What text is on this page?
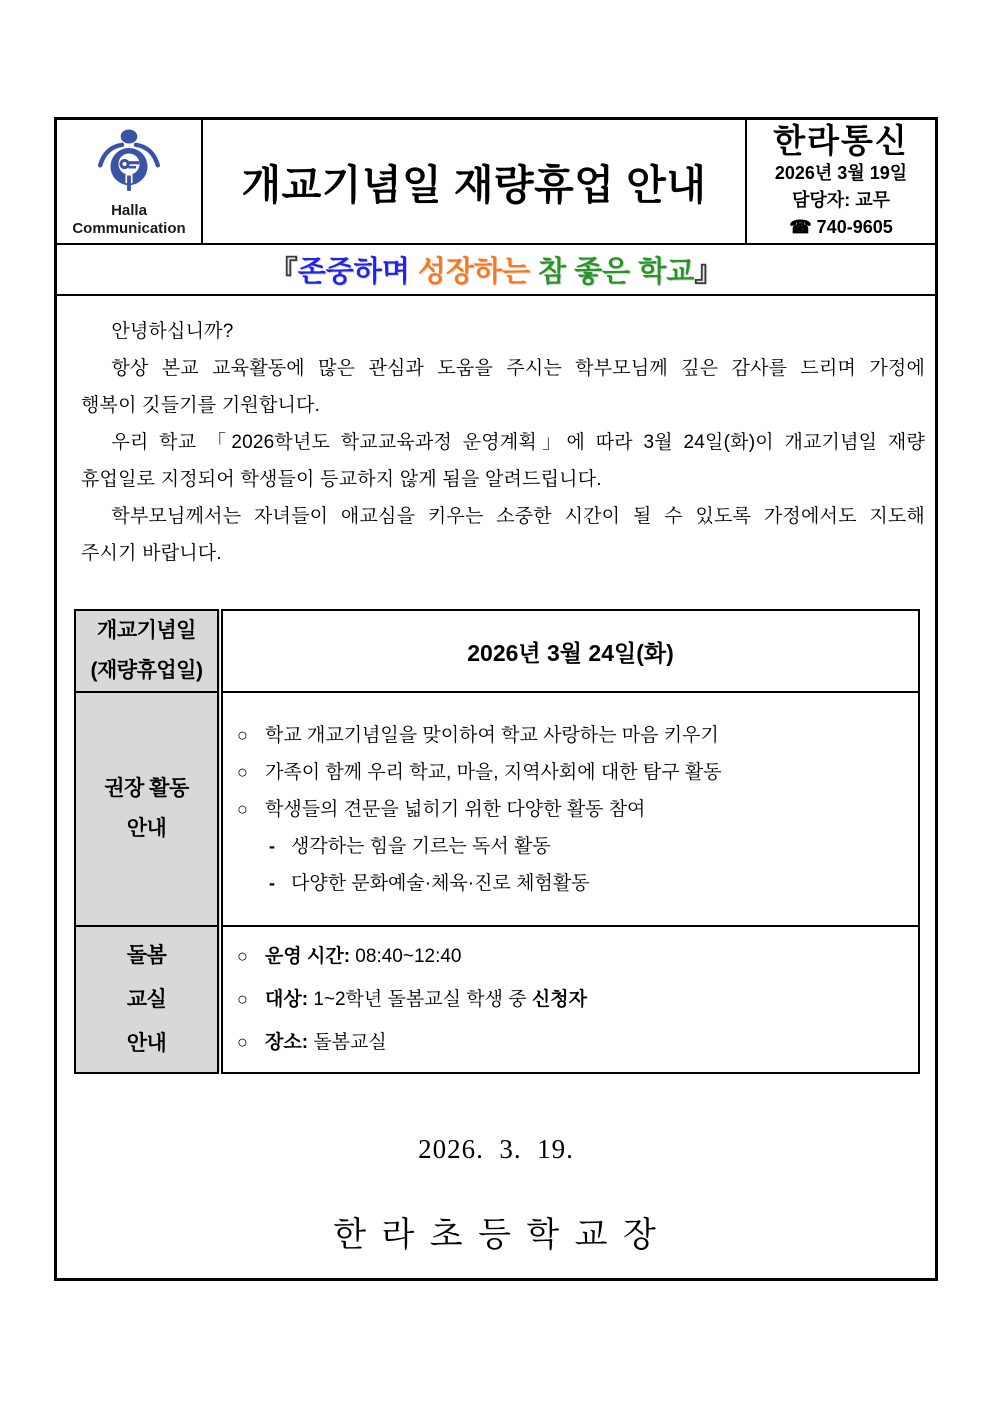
Halla
Communication
개교기념일 재량휴업 안내
한라통신
2026년 3월 19일
담당자: 교무
☎ 740-9605
『 존중하며
성장하는
참 좋은 학교 』
안녕하십니까?
항상 본교 교육활동에 많은 관심과 도움을 주시는 학부모님께 깊은 감사를 드리며 가정에
행복이 깃들기를 기원합니다.
우리 학교 「2026학년도 학교교육과정 운영계획」에 따라 3월 24일(화)이 개교기념일 재량
휴업일로 지정되어 학생들이 등교하지 않게 됨을 알려드립니다.
학부모님께서는 자녀들이 애교심을 키우는 소중한 시간이 될 수 있도록 가정에서도 지도해
주시기 바랍니다.
개교기념일
(재량휴업일)	2026년 3월 24일(화)

권장 활동
안내

○ 학교 개교기념일을 맞이하여 학교 사랑하는 마음 키우기
○ 가족이 함께 우리 학교, 마을, 지역사회에 대한 탐구 활동
○ 학생들의 견문을 넓히기 위한 다양한 활동 참여
- 생각하는 힘을 기르는 독서 활동
- 다양한 문화예술·체육·진로 체험활동

돌봄
교실
안내

○ 운영 시간: 08:40~12:40
○ 대상: 1~2학년 돌봄교실 학생 중 신청자
○ 장소: 돌봄교실
2026.  3.  19.
한 라 초 등 학 교 장
